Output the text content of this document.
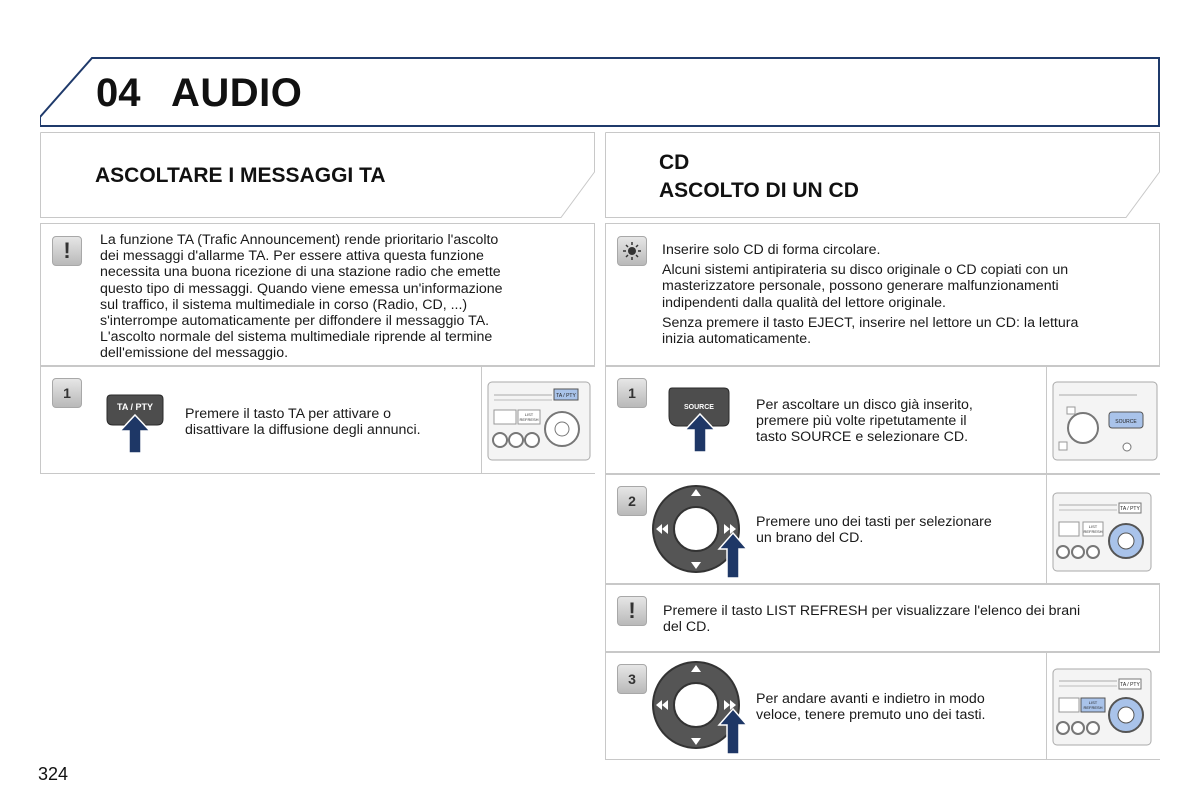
04 AUDIO
ASCOLTARE I MESSAGGI TA
!	La funzione TA (Trafic Announcement) rende prioritario l'ascolto
dei messaggi d'allarme TA. Per essere attiva questa funzione
necessita una buona ricezione di una stazione radio che emette
questo tipo di messaggi. Quando viene emessa un'informazione
sul traffico, il sistema multimediale in corso (Radio, CD, ...)
s'interrompe automaticamente per diffondere il messaggio TA.
L'ascolto normale del sistema multimediale riprende al termine
dell'emissione del messaggio.
1
TA / PTY Premere il tasto TA per attivare o
disattivare la diffusione degli annunci.
TA / PTY
LIST
REFRESH
CD
ASCOLTO DI UN CD
Inserire solo CD di forma circolare.
Alcuni sistemi antipirateria su disco originale o CD copiati con un
masterizzatore personale, possono generare malfunzionamenti
indipendenti dalla qualità del lettore originale.
Senza premere il tasto EJECT, inserire nel lettore un CD: la lettura
inizia automaticamente.
1
SOURCE	Per ascoltare un disco già inserito,
premere più volte ripetutamente il
tasto SOURCE e selezionare CD.
SOURCE
2
Premere uno dei tasti per selezionare
un brano del CD.
TA / PTY
LIST
REFRESH
!	Premere il tasto LIST REFRESH per visualizzare l'elenco dei brani
del CD.
3
Per andare avanti e indietro in modo
veloce, tenere premuto uno dei tasti.
TA / PTY
LIST
REFRESH
324
